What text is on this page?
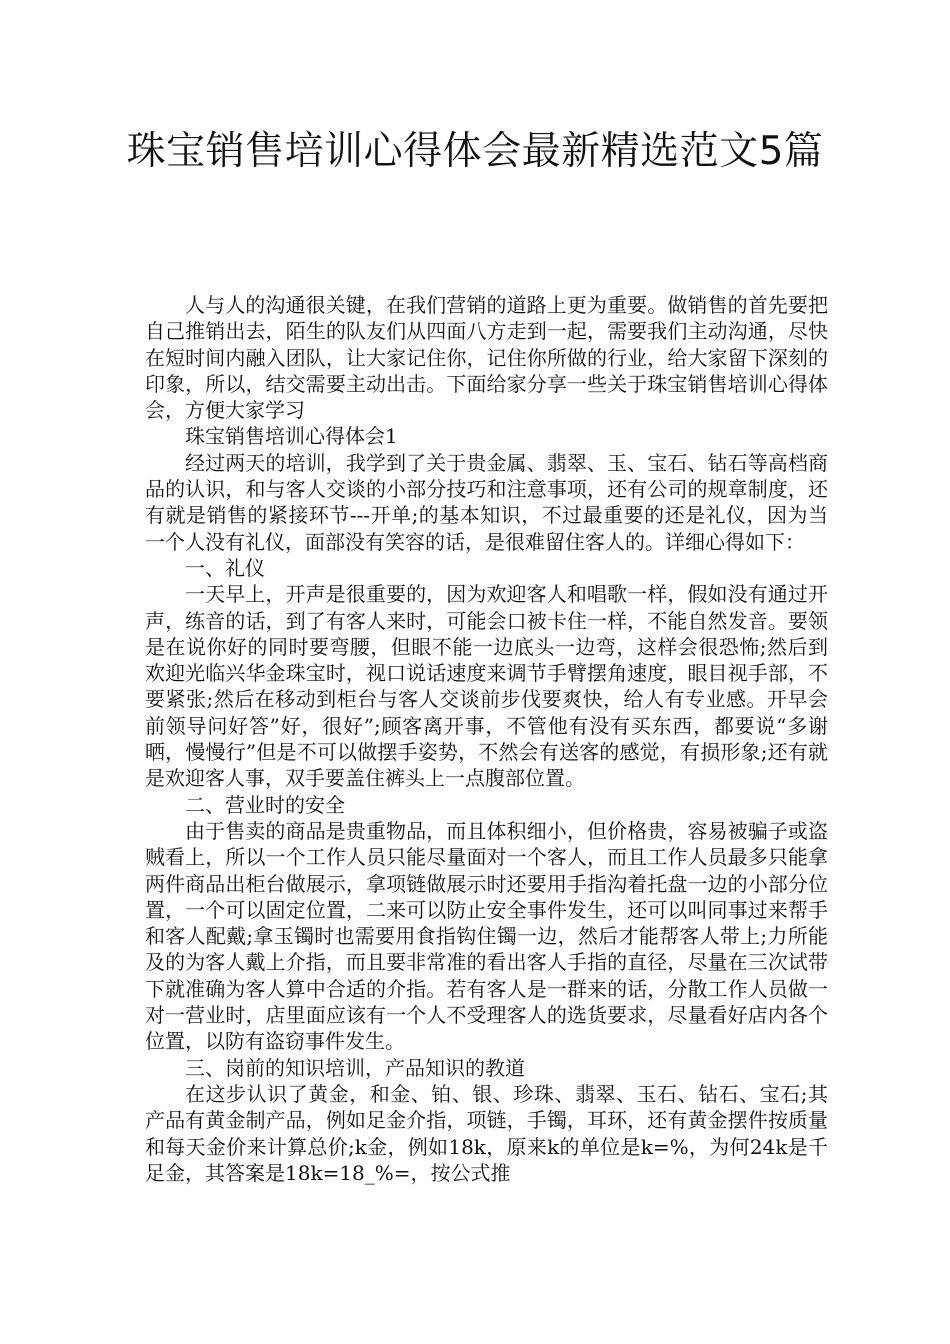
珠宝销售培训心得体会最新精选范文5篇

人与人的沟通很关键，在我们营销的道路上更为重要。做销售的首先要把自己推销出去，陌生的队友们从四面八方走到一起，需要我们主动沟通，尽快在短时间内融入团队，让大家记住你，记住你所做的行业，给大家留下深刻的印象，所以，结交需要主动出击。下面给家分享一些关于珠宝销售培训心得体会，方便大家学习

珠宝销售培训心得体会1

经过两天的培训，我学到了关于贵金属、翡翠、玉、宝石、钻石等高档商品的认识，和与客人交谈的小部分技巧和注意事项，还有公司的规章制度，还有就是销售的紧接环节---开单;的基本知识，不过最重要的还是礼仪，因为当一个人没有礼仪，面部没有笑容的话，是很难留住客人的。详细心得如下：

一、礼仪

一天早上，开声是很重要的，因为欢迎客人和唱歌一样，假如没有通过开声，练音的话，到了有客人来时，可能会口被卡住一样，不能自然发音。要领是在说你好的同时要弯腰，但眼不能一边底头一边弯，这样会很恐怖;然后到欢迎光临兴华金珠宝时，视口说话速度来调节手臂摆角速度，眼目视手部，不要紧张;然后在移动到柜台与客人交谈前步伐要爽快，给人有专业感。开早会前领导问好答”好，很好”;顾客离开事，不管他有没有买东西，都要说“多谢晒，慢慢行”但是不可以做摆手姿势，不然会有送客的感觉，有损形象;还有就是欢迎客人事，双手要盖住裤头上一点腹部位置。

二、营业时的安全

由于售卖的商品是贵重物品，而且体积细小，但价格贵，容易被骗子或盗贼看上，所以一个工作人员只能尽量面对一个客人，而且工作人员最多只能拿两件商品出柜台做展示，拿项链做展示时还要用手指沟着托盘一边的小部分位置，一个可以固定位置，二来可以防止安全事件发生，还可以叫同事过来帮手和客人配戴;拿玉镯时也需要用食指钩住镯一边，然后才能帮客人带上;力所能及的为客人戴上介指，而且要非常准的看出客人手指的直径，尽量在三次试带下就准确为客人算中合适的介指。若有客人是一群来的话，分散工作人员做一对一营业时，店里面应该有一个人不受理客人的选货要求，尽量看好店内各个位置，以防有盗窃事件发生。

三、岗前的知识培训，产品知识的教道

在这步认识了黄金，和金、铂、银、珍珠、翡翠、玉石、钻石、宝石;其产品有黄金制产品，例如足金介指，项链，手镯，耳环，还有黄金摆件按质量和每天金价来计算总价;k金，例如18k，原来k的单位是k=%，为何24k是千足金，其答案是18k=18_%=，按公式推
